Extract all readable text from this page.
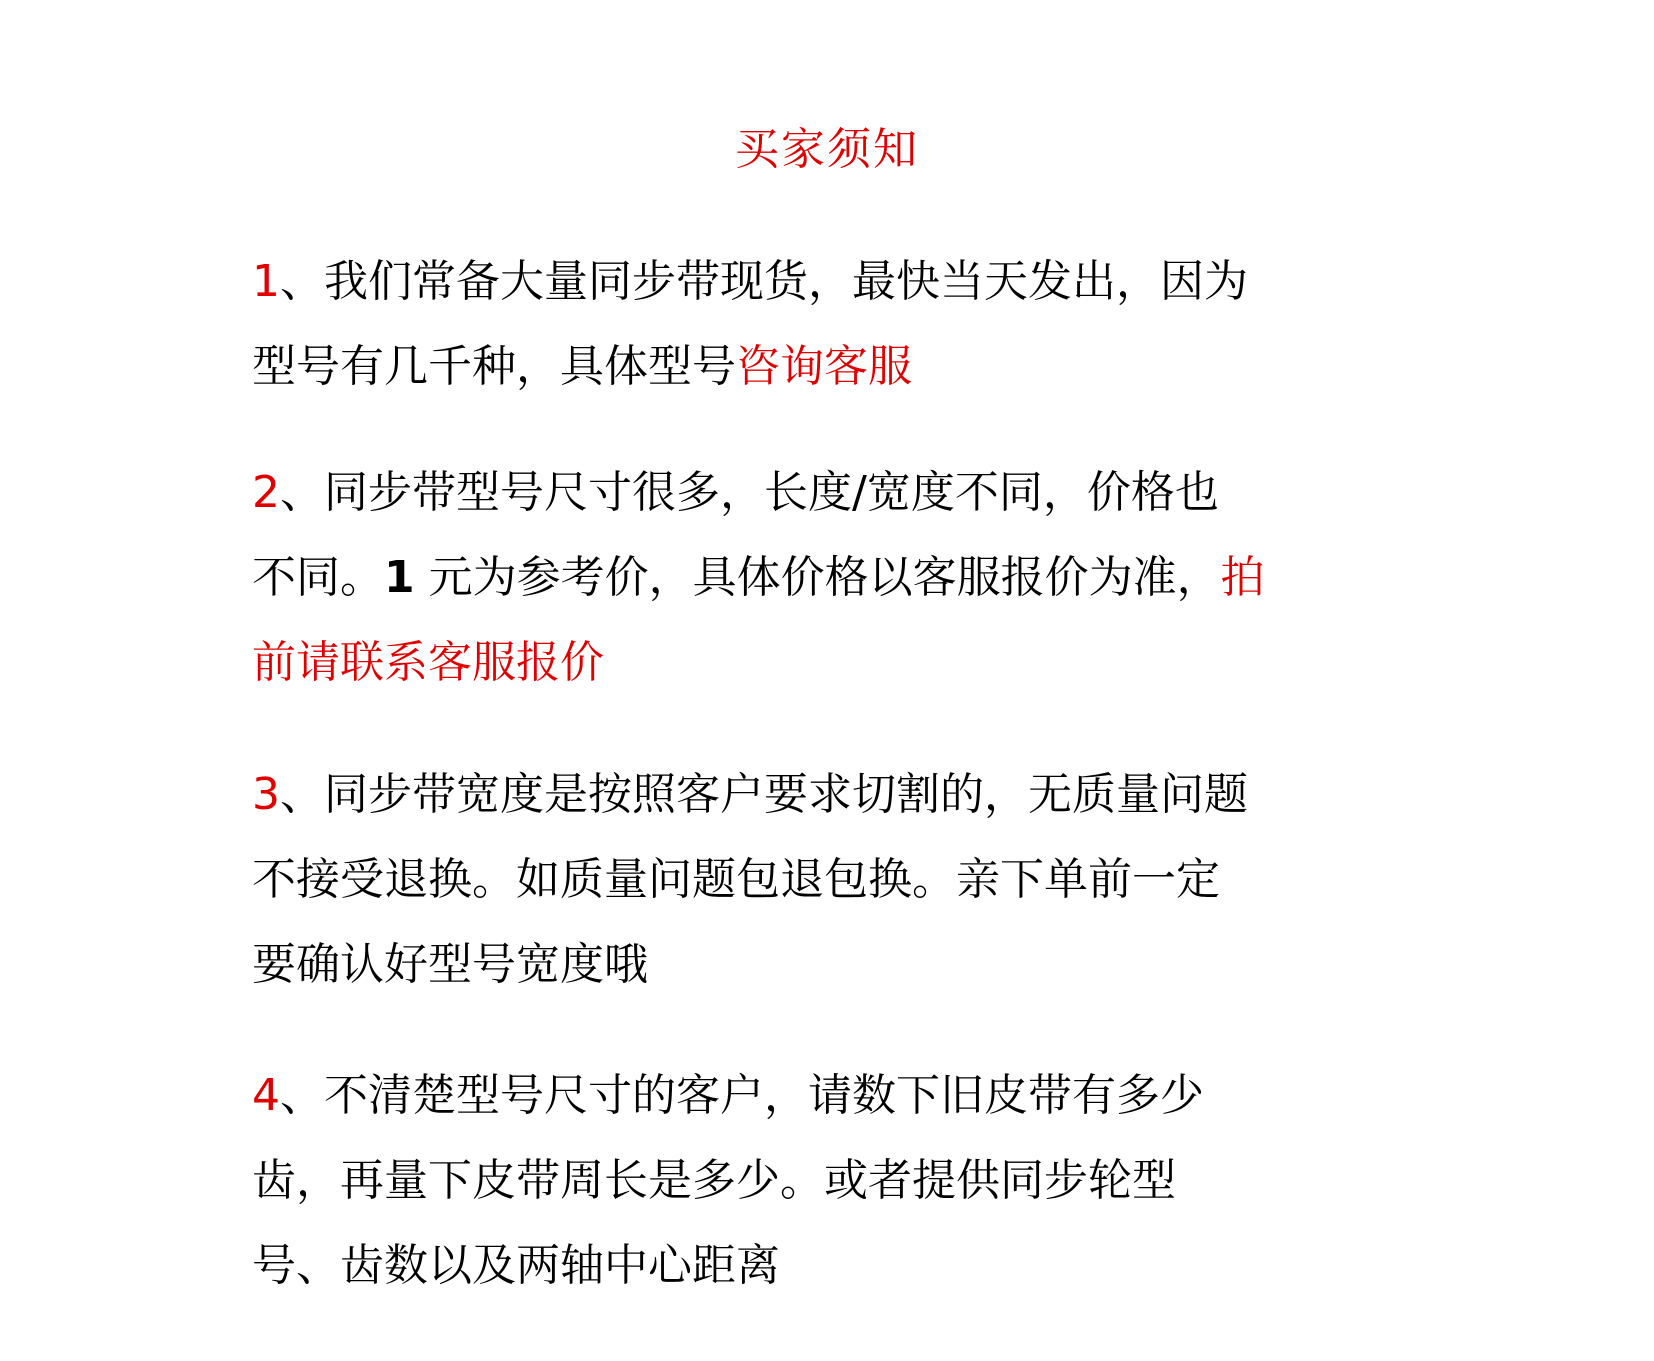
买家须知
1、我们常备大量同步带现货，最快当天发出，因为
型号有几千种，具体型号咨询客服
2、同步带型号尺寸很多，长度/宽度不同，价格也
不同。1 元为参考价，具体价格以客服报价为准，拍
前请联系客服报价
3、同步带宽度是按照客户要求切割的，无质量问题
不接受退换。如质量问题包退包换。亲下单前一定
要确认好型号宽度哦
4、不清楚型号尺寸的客户，请数下旧皮带有多少
齿，再量下皮带周长是多少。或者提供同步轮型
号、齿数以及两轴中心距离
